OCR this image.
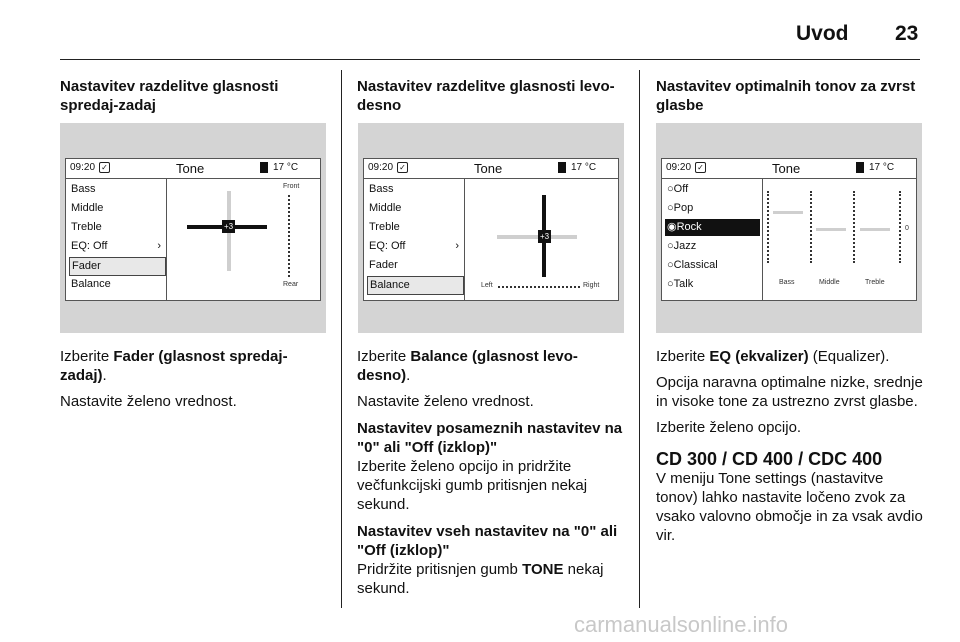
Uvod 23

Nastavitev razdelitve glasnosti spredaj-zadaj

09:20 ✓	Tone	17 °C
Bass
Middle
Treble
EQ: Off	›
Fader
Balance
+3
Front
Rear

Izberite Fader (glasnost spredaj-zadaj).

Nastavite želeno vrednost.

Nastavitev razdelitve glasnosti levo-desno

09:20 ✓	Tone	17 °C
Bass
Middle
Treble
EQ: Off	›
Fader
Balance
+3
Left	Right

Izberite Balance (glasnost levo-desno).

Nastavite želeno vrednost.

Nastavitev posameznih nastavitev na "0" ali "Off (izklop)"

Izberite želeno opcijo in pridržite večfunkcijski gumb pritisnjen nekaj sekund.

Nastavitev vseh nastavitev na "0" ali "Off (izklop)"

Pridržite pritisnjen gumb TONE nekaj sekund.

Nastavitev optimalnih tonov za zvrst glasbe

09:20 ✓	Tone	17 °C
○Off
○Pop
◉Rock
○Jazz
○Classical
○Talk
0
Bass	Middle	Treble

Izberite EQ (ekvalizer) (Equalizer).

Opcija naravna optimalne nizke, srednje in visoke tone za ustrezno zvrst glasbe.

Izberite želeno opcijo.

CD 300 / CD 400 / CDC 400

V meniju Tone settings (nastavitve tonov) lahko nastavite ločeno zvok za vsako valovno območje in za vsak avdio vir.

carmanualsonline.info
